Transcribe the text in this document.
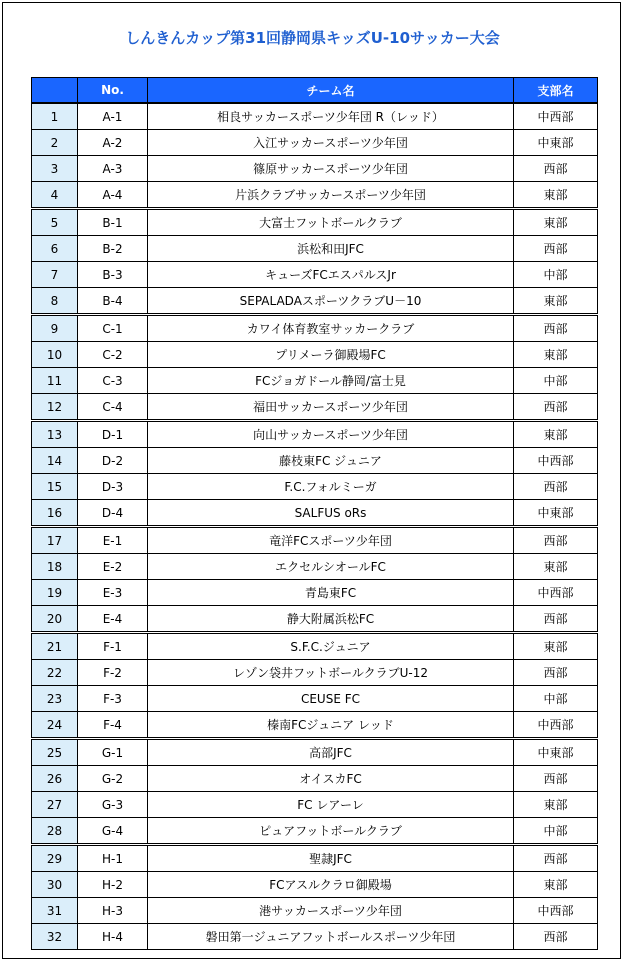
しんきんカップ第31回静岡県キッズU-10サッカー大会
	No.	チーム名	支部名
1	A-1	相良サッカースポーツ少年団 R（レッド）	中西部
2	A-2	入江サッカースポーツ少年団	中東部
3	A-3	篠原サッカースポーツ少年団	西部
4	A-4	片浜クラブサッカースポーツ少年団	東部
5	B-1	大富士フットボールクラブ	東部
6	B-2	浜松和田JFC	西部
7	B-3	キューズFCエスパルスJr	中部
8	B-4	SEPALADAスポーツクラブU－10	東部
9	C-1	カワイ体育教室サッカークラブ	西部
10	C-2	プリメーラ御殿場FC	東部
11	C-3	FCジョガドール静岡/富士見	中部
12	C-4	福田サッカースポーツ少年団	西部
13	D-1	向山サッカースポーツ少年団	東部
14	D-2	藤枝東FC ジュニア	中西部
15	D-3	F.C.フォルミーガ	西部
16	D-4	SALFUS oRs	中東部
17	E-1	竜洋FCスポーツ少年団	西部
18	E-2	エクセルシオールFC	東部
19	E-3	青島東FC	中西部
20	E-4	静大附属浜松FC	西部
21	F-1	S.F.C.ジュニア	東部
22	F-2	レゾン袋井フットボールクラブU-12	西部
23	F-3	CEUSE FC	中部
24	F-4	榛南FCジュニア レッド	中西部
25	G-1	高部JFC	中東部
26	G-2	オイスカFC	西部
27	G-3	FC レアーレ	東部
28	G-4	ピュアフットボールクラブ	中部
29	H-1	聖隷JFC	西部
30	H-2	FCアスルクラロ御殿場	東部
31	H-3	港サッカースポーツ少年団	中西部
32	H-4	磐田第一ジュニアフットボールスポーツ少年団	西部
